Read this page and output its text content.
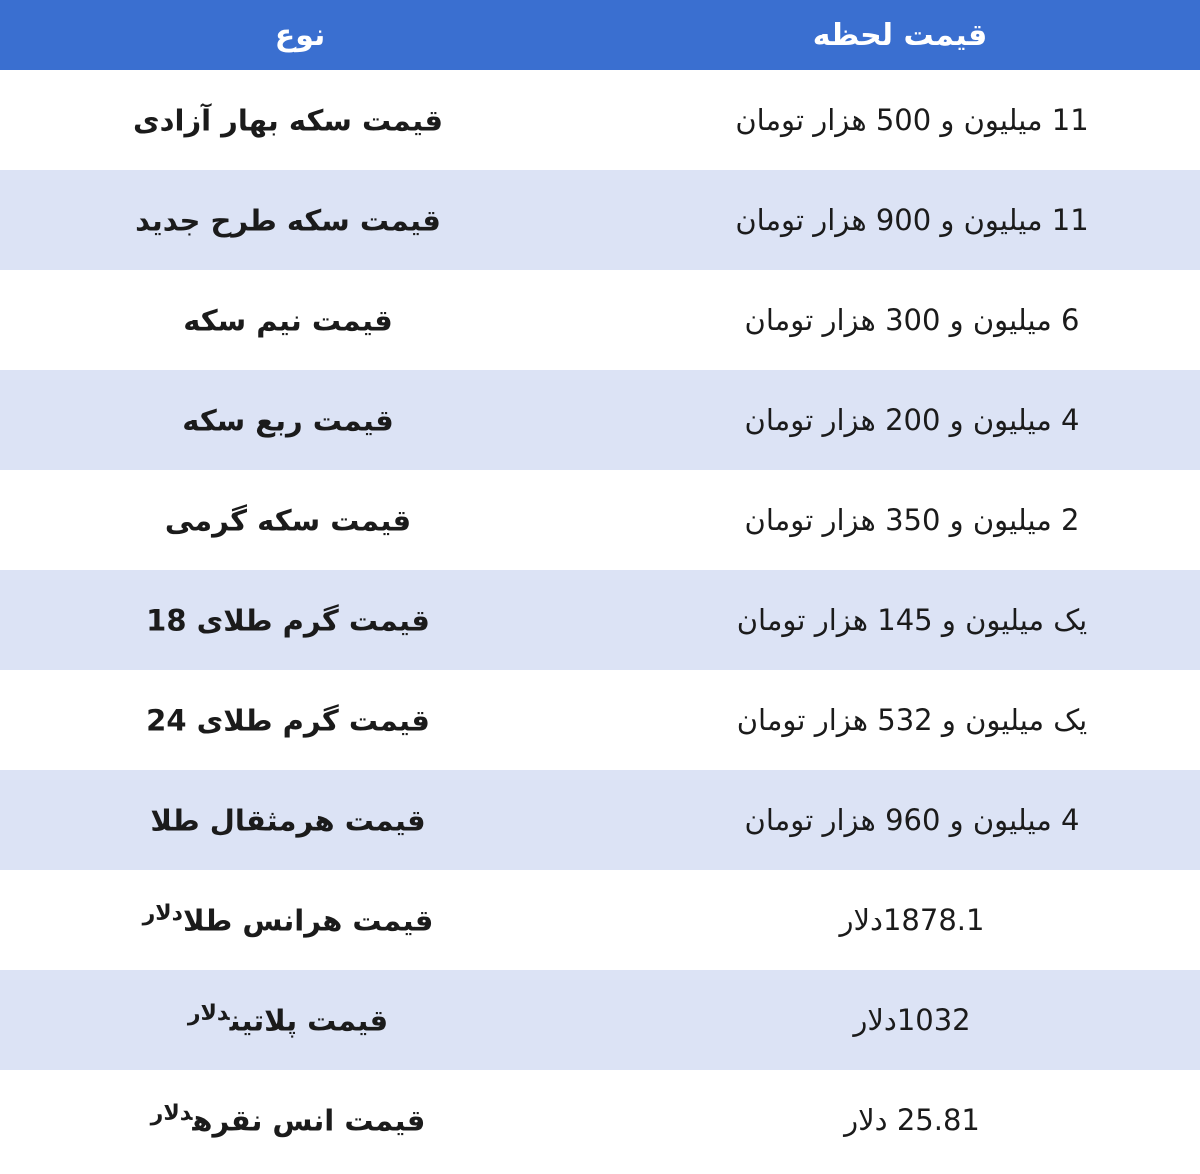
قیمت لحظه	نوع

11 میلیون و 500 هزار تومان	قیمت سکه بهار آزادی

11 میلیون و 900 هزار تومان	قیمت سکه طرح جدید

6 میلیون و 300 هزار تومان	قیمت نیم سکه

4 میلیون و 200 هزار تومان	قیمت ربع سکه

2 میلیون و 350 هزار تومان	قیمت سکه گرمی

یک میلیون و 145 هزار تومان	قیمت گرم طلای 18

یک میلیون و 532 هزار تومان	قیمت گرم طلای 24

4 میلیون و 960 هزار تومان	قیمت هرمثقال طلا

1878.1دلار	قیمت هرانس طلا$^{دلار}$

1032دلار	قیمت پلاتین$^{دلار}$

25.81 دلار	قیمت انس نقره$^{دلار}$
